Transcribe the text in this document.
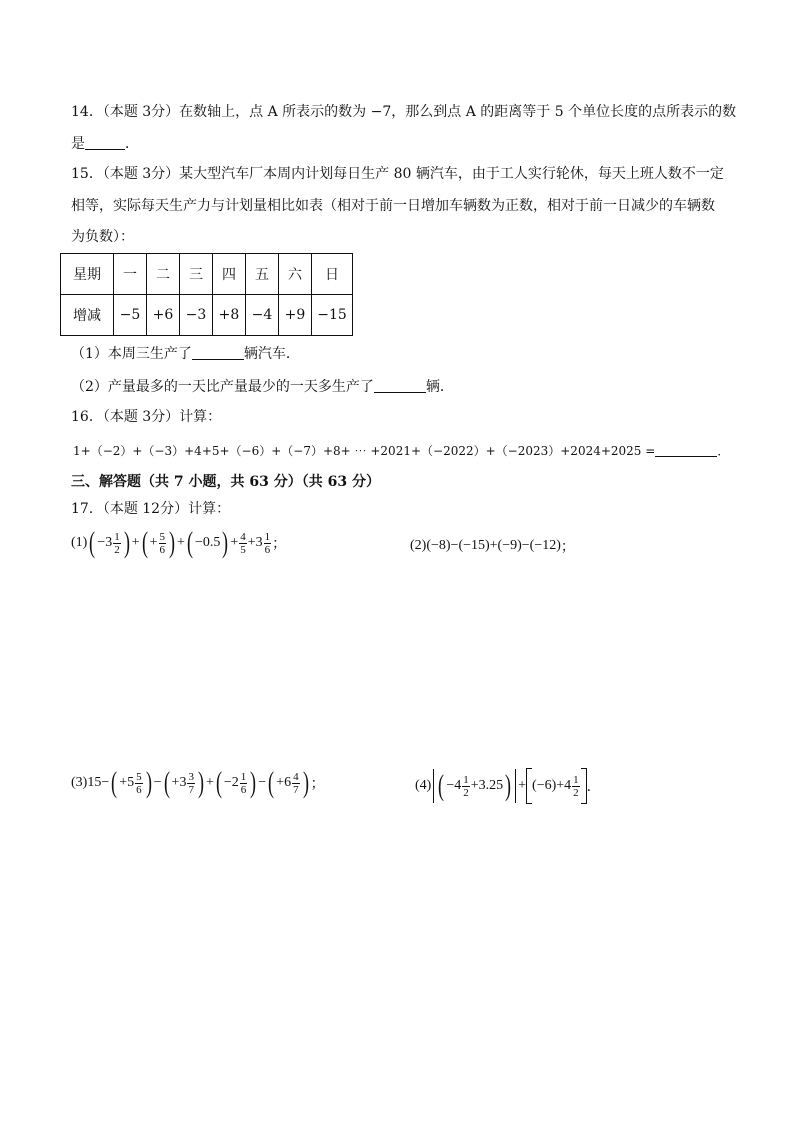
14．（本题 3分）在数轴上，点 A 所表示的数为 −7，那么到点 A 的距离等于 5 个单位长度的点所表示的数
是	．
15．（本题 3分）某大型汽车厂本周内计划每日生产 80 辆汽车，由于工人实行轮休，每天上班人数不一定
相等，实际每天生产力与计划量相比如表（相对于前一日增加车辆数为正数，相对于前一日减少的车辆数
为负数）：
星期	一	二	三	四	五	六	日
增减	−5	+6	−3	+8	−4	+9	−15
（1）本周三生产了	辆汽车．
（2）产量最多的一天比产量最少的一天多生产了	辆．
16．（本题 3分）计算：
1+（−2）+（−3）+4+5+（−6）+（−7）+8+ ⋯ +2021+（−2022）+（−2023）+2024+2025 =	．
三、解答题（共 7 小题，共 63 分）（共 63 分）
17．（本题 12分）计算：
(1) ( $-3 \frac{1}{2}$ ) + ( + $\frac{5}{6}$ ) + ( −0.5 ) + $\frac{4}{5} + 3 \frac{1}{6}$ ；	(2) (−8)−(−15)+(−9)−(−12) ；
(3) 15− ( $+5 \frac{5}{6}$ ) − ( $+3 \frac{3}{7}$ ) + ( $-2 \frac{1}{6}$ ) − ( $+6 \frac{4}{7}$ ) ；	(4) ( $-4 \frac{1}{2} +3.25$ ) + $(-6)+4 \frac{1}{2}$ ．
